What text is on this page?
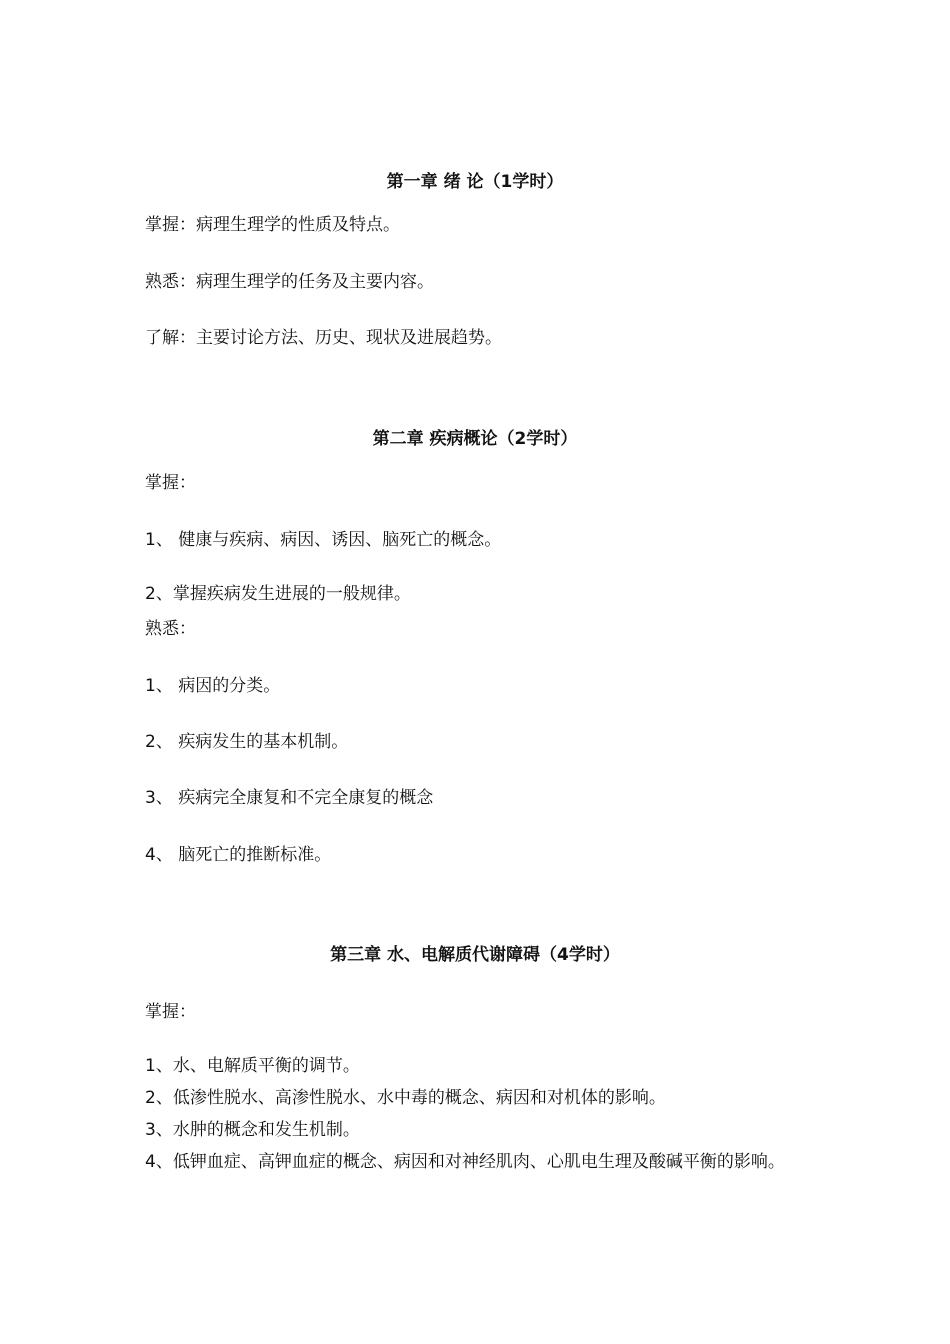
第一章 绪 论（1学时）
掌握：病理生理学的性质及特点。
熟悉：病理生理学的任务及主要内容。
了解：主要讨论方法、历史、现状及进展趋势。
第二章 疾病概论（2学时）
掌握：
1、 健康与疾病、病因、诱因、脑死亡的概念。
2、掌握疾病发生进展的一般规律。
熟悉：
1、 病因的分类。
2、 疾病发生的基本机制。
3、 疾病完全康复和不完全康复的概念
4、 脑死亡的推断标准。
第三章 水、电解质代谢障碍（4学时）
掌握：
1、水、电解质平衡的调节。
2、低渗性脱水、高渗性脱水、水中毒的概念、病因和对机体的影响。
3、水肿的概念和发生机制。
4、低钾血症、高钾血症的概念、病因和对神经肌肉、心肌电生理及酸碱平衡的影响。
